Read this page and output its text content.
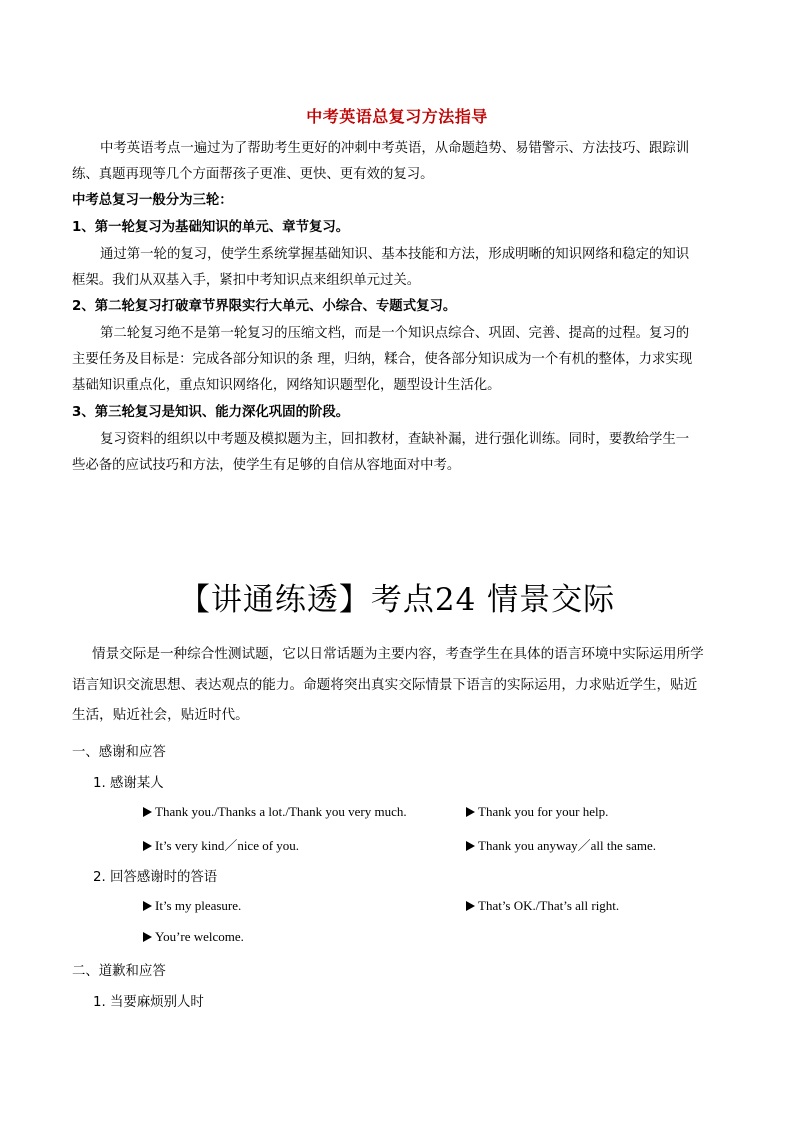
中考英语总复习方法指导
中考英语考点一遍过为了帮助考生更好的冲刺中考英语，从命题趋势、易错警示、方法技巧、跟踪训
练、真题再现等几个方面帮孩子更准、更快、更有效的复习。
中考总复习一般分为三轮：
1、第一轮复习为基础知识的单元、章节复习。
通过第一轮的复习，使学生系统掌握基础知识、基本技能和方法，形成明晰的知识网络和稳定的知识
框架。我们从双基入手，紧扣中考知识点来组织单元过关。
2、第二轮复习打破章节界限实行大单元、小综合、专题式复习。
第二轮复习绝不是第一轮复习的压缩文档，而是一个知识点综合、巩固、完善、提高的过程。复习的
主要任务及目标是：完成各部分知识的条 理，归纳，糅合，使各部分知识成为一个有机的整体，力求实现
基础知识重点化，重点知识网络化，网络知识题型化，题型设计生活化。
3、第三轮复习是知识、能力深化巩固的阶段。
复习资料的组织以中考题及模拟题为主，回扣教材，查缺补漏，进行强化训练。同时，要教给学生一
些必备的应试技巧和方法，使学生有足够的自信从容地面对中考。
【讲通练透】考点24 情景交际
情景交际是一种综合性测试题，它以日常话题为主要内容，考查学生在具体的语言环境中实际运用所学
语言知识交流思想、表达观点的能力。命题将突出真实交际情景下语言的实际运用，力求贴近学生，贴近
生活，贴近社会，贴近时代。
一、感谢和应答
1. 感谢某人
Thank you./Thanks a lot./Thank you very much.	Thank you for your help.
It’s very kind／nice of you.	Thank you anyway／all the same.
2. 回答感谢时的答语
It’s my pleasure.	That’s OK./That’s all right.
You’re welcome.
二、道歉和应答
1. 当要麻烦别人时
